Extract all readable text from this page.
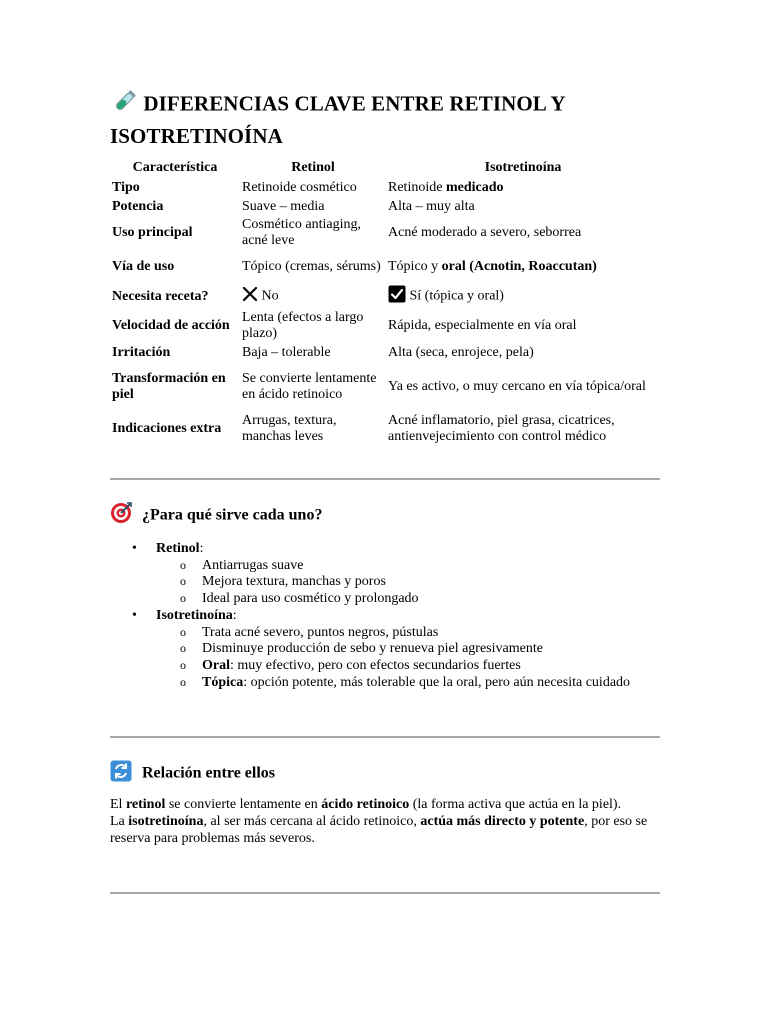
DIFERENCIAS CLAVE ENTRE RETINOL Y ISOTRETINOÍNA
Característica	Retinol	Isotretinoína
Tipo	Retinoide cosmético	Retinoide medicado
Potencia	Suave – media	Alta – muy alta
Uso principal	Cosmético antiaging, acné leve	Acné moderado a severo, seborrea
Vía de uso	Tópico (cremas, sérums)	Tópico y oral (Acnotin, Roaccutan)
Necesita receta?	No	Sí (tópica y oral)
Velocidad de acción	Lenta (efectos a largo plazo)	Rápida, especialmente en vía oral
Irritación	Baja – tolerable	Alta (seca, enrojece, pela)
Transformación en piel	Se convierte lentamente en ácido retinoico	Ya es activo, o muy cercano en vía tópica/oral
Indicaciones extra	Arrugas, textura, manchas leves	Acné inflamatorio, piel grasa, cicatrices, antienvejecimiento con control médico
¿Para qué sirve cada uno?
• Retinol:
o Antiarrugas suave
o Mejora textura, manchas y poros
o Ideal para uso cosmético y prolongado
• Isotretinoína:
o Trata acné severo, puntos negros, pústulas
o Disminuye producción de sebo y renueva piel agresivamente
o Oral: muy efectivo, pero con efectos secundarios fuertes
o Tópica: opción potente, más tolerable que la oral, pero aún necesita cuidado
Relación entre ellos
El retinol se convierte lentamente en ácido retinoico (la forma activa que actúa en la piel).
La isotretinoína, al ser más cercana al ácido retinoico, actúa más directo y potente, por eso se reserva para problemas más severos.
